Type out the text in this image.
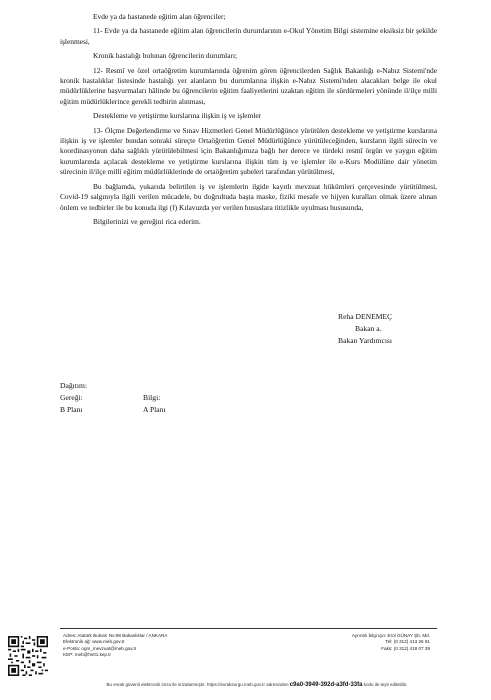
Evde ya da hastanede eğitim alan öğrenciler;

11- Evde ya da hastanede eğitim alan öğrencilerin durumlarının e-Okul Yönetim Bilgi sistemine eksiksiz bir şekilde işlenmesi,

Kronik hastalığı bulunan öğrencilerin durumları;

12- Resmî ve özel ortaöğretim kurumlarında öğrenim gören öğrencilerden Sağlık Bakanlığı e-Nabız Sistemi'nde kronik hastalıklar listesinde hastalığı yer alanların bu durumlarına ilişkin e-Nabız Sistemi'nden alacakları belge ile okul müdürlüklerine başvurmaları hâlinde bu öğrencilerin eğitim faaliyetlerini uzaktan eğitim ile sürdürmeleri yönünde il/ilçe milli eğitim müdürlüklerince gerekli tedbirin alınması,

Destekleme ve yetiştirme kurslarına ilişkin iş ve işlemler

13- Ölçme Değerlendirme ve Sınav Hizmetleri Genel Müdürlüğünce yürütülen destekleme ve yetiştirme kurslarına ilişkin iş ve işlemler bundan sonraki süreçte Ortaöğretim Genel Müdürlüğünce yürütüleceğinden, kursların ilgili sürecin ve koordinasyonun daha sağlıklı yürütülebilmesi için Bakanlığımıza bağlı her derece ve türdeki resmî örgün ve yaygın eğitim kurumlarında açılacak destekleme ve yetiştirme kurslarına ilişkin tüm iş ve işlemler ile e-Kurs Modülüne dair yönetim sürecinin il/ilçe milli eğitim müdürlüklerinde de ortaöğretim şubeleri tarafından yürütülmesi,

Bu bağlamda, yukarıda belirtilen iş ve işlemlerin ilgide kayıtlı mevzuat hükümleri çerçevesinde yürütülmesi, Covid-19 salgınıyla ilgili verilen mücadele, bu doğrultuda başta maske, fiziki mesafe ve hijyen kuralları olmak üzere alınan önlem ve tedbirler ile bu konuda ilgi (f) Kılavuzda yer verilen hususlara titizlikle uyulması hususunda,

Bilgilerinizi ve gereğini rica ederim.

Reha DENEMEÇ
Bakan a.
Bakan Yardımcısı
Dağıtım:
Gereği:	Bilgi:
B Planı	A Planı
Adres: Atatürk Bulvarı No:98 Bakanlıklar / ANKARA
Elektronik ağ: www.meb.gov.tr
e-Posta: ogm_mevzuat@meb.gov.tr
KEP: meb@hs01.kep.tr
Ayrıntılı bilgi için: Erol GÜNAY Şb. Md.
Tel: (0 312) 413 26 91
Faks: (0 312) 418 07 39
Bu evrak güvenli elektronik imza ile imzalanmıştır. https://evraksorgu.meb.gov.tr adresinden c9a0-3949-392d-a3fd-33fa kodu ile teyit edilebilir.
